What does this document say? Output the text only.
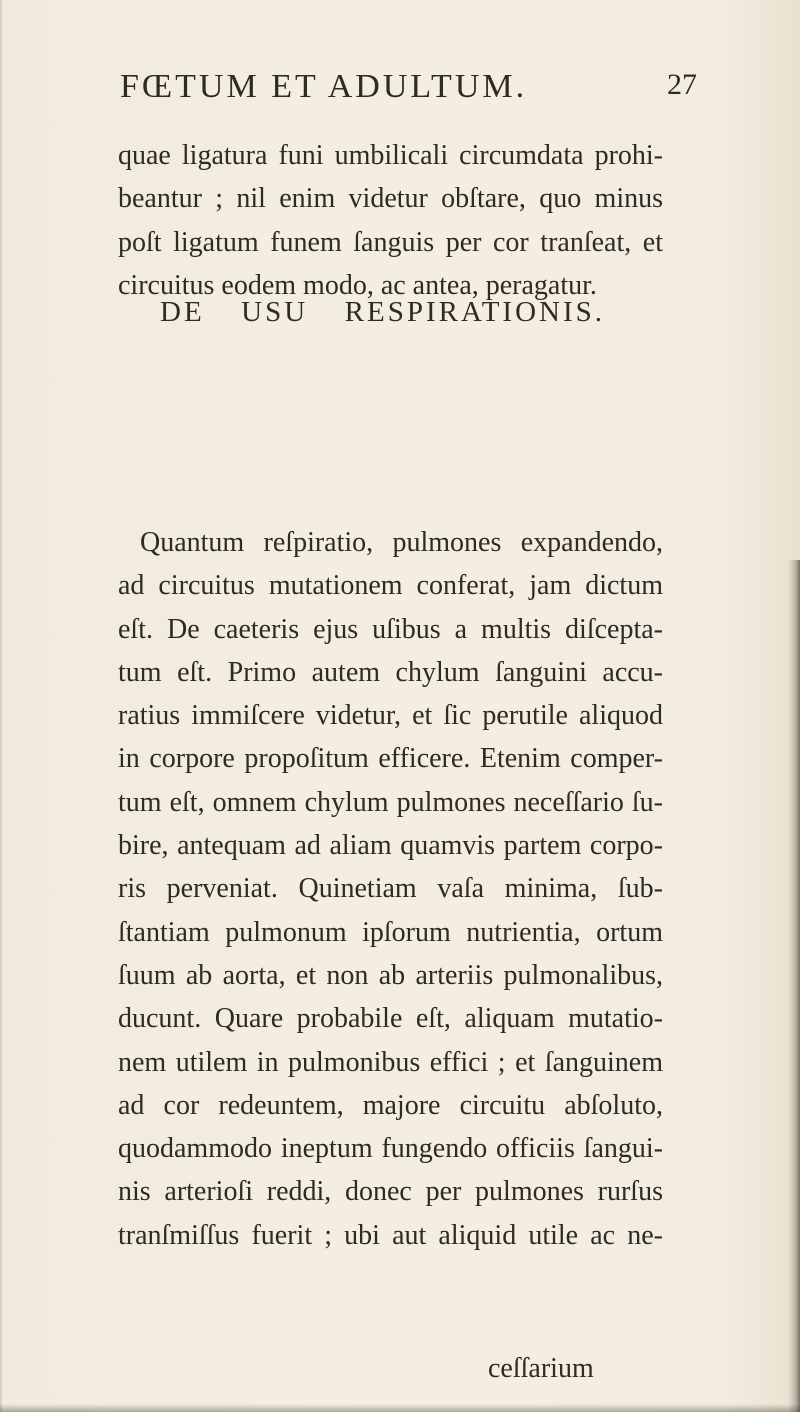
FŒTUM ET ADULTUM.	27
quae ligatura funi umbilicali circumdata prohi-
beantur ; nil enim videtur obſtare, quo minus
poſt ligatum funem ſanguis per cor tranſeat, et
circuitus eodem modo, ac antea, peragatur.
DE USU RESPIRATIONIS.
Quantum reſpiratio, pulmones expandendo,
ad circuitus mutationem conferat, jam dictum
eſt. De caeteris ejus uſibus a multis diſcepta-
tum eſt. Primo autem chylum ſanguini accu-
ratius immiſcere videtur, et ſic perutile aliquod
in corpore propoſitum efficere. Etenim comper-
tum eſt, omnem chylum pulmones neceſſario ſu-
bire, antequam ad aliam quamvis partem corpo-
ris perveniat. Quinetiam vaſa minima, ſub-
ſtantiam pulmonum ipſorum nutrientia, ortum
ſuum ab aorta, et non ab arteriis pulmonalibus,
ducunt. Quare probabile eſt, aliquam mutatio-
nem utilem in pulmonibus effici ; et ſanguinem
ad cor redeuntem, majore circuitu abſoluto,
quodammodo ineptum fungendo officiis ſangui-
nis arterioſi reddi, donec per pulmones rurſus
tranſmiſſus fuerit ; ubi aut aliquid utile ac ne-
ceſſarium
